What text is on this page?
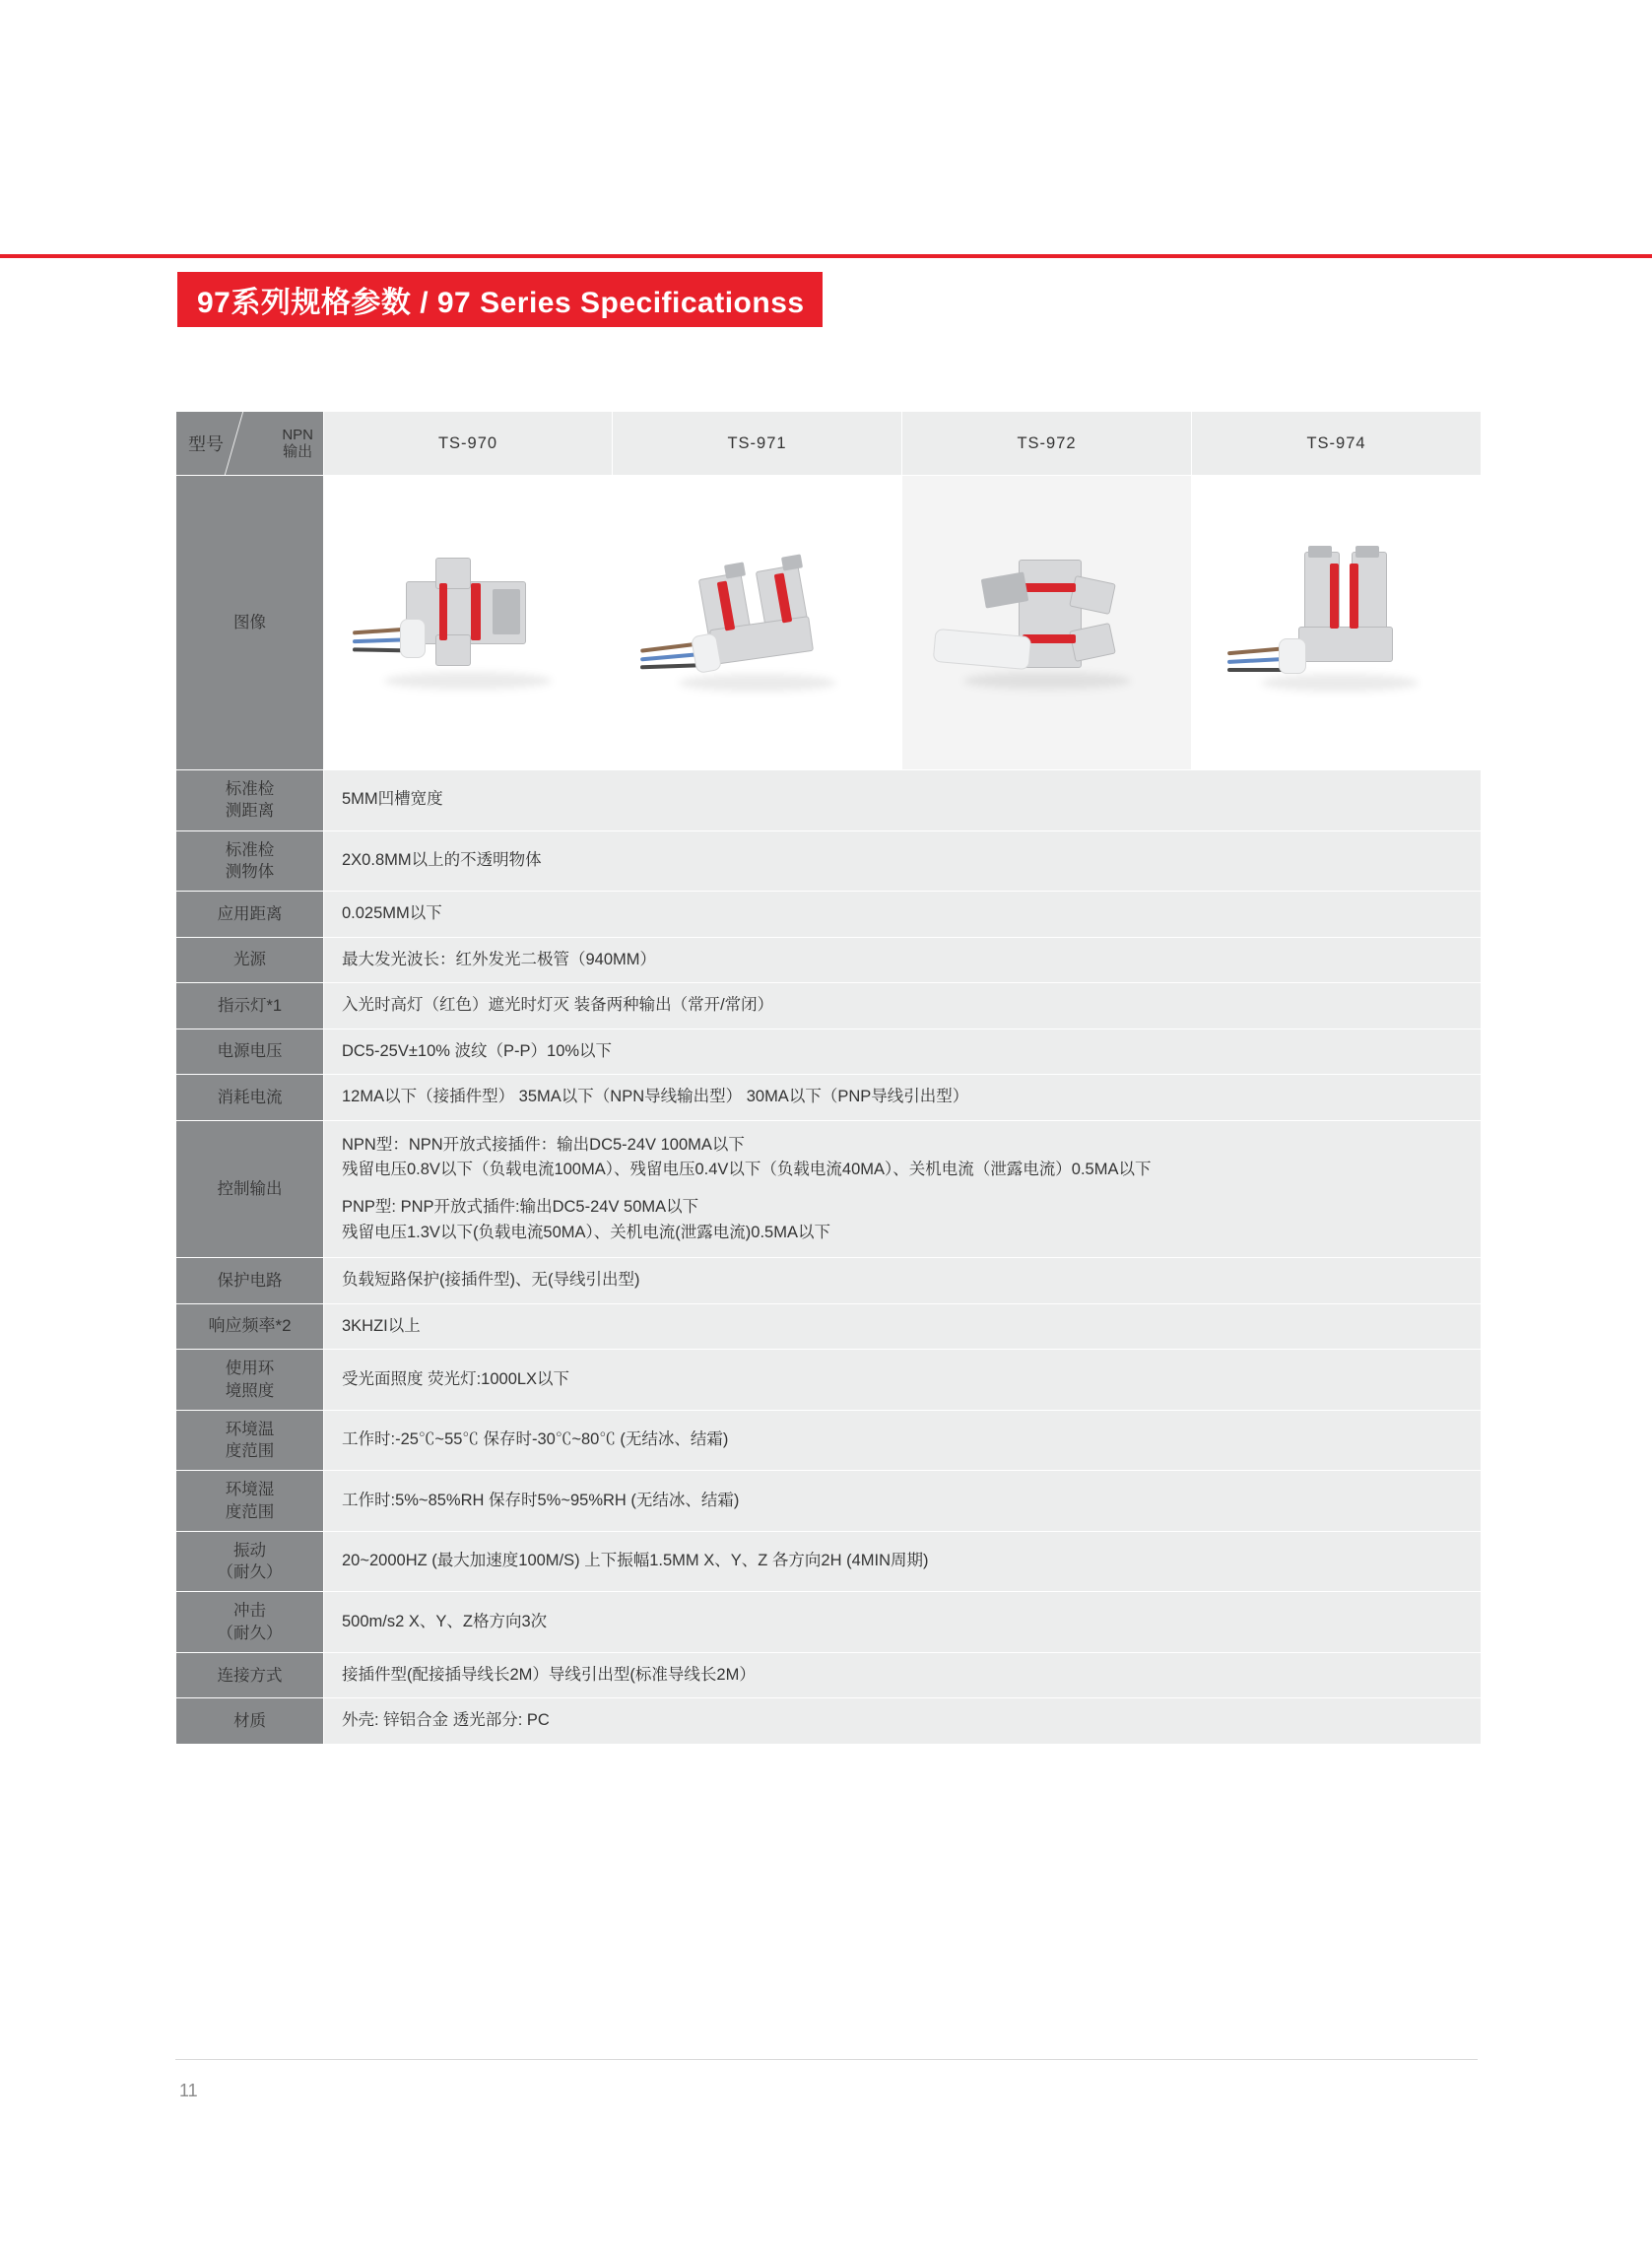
97系列规格参数 / 97 Series Specificationss
型号 NPN
输出	TS-970	TS-971	TS-972	TS-974
图像	

标准检
测距离	5MM凹槽宽度			
标准检
测物体	2X0.8MM以上的不透明物体			
应用距离	0.025MM以下			
光源	最大发光波长：红外发光二极管（940MM）			
指示灯*1	入光时高灯（红色）遮光时灯灭 装备两种输出（常开/常闭）			
电源电压	DC5-25V±10% 波纹（P-P）10%以下			
消耗电流	12MA以下（接插件型） 35MA以下（NPN导线输出型） 30MA以下（PNP导线引出型）			
控制输出	NPN型：NPN开放式接插件：输出DC5-24V 100MA以下
残留电压0.8V以下（负载电流100MA）、残留电压0.4V以下（负载电流40MA）、关机电流（泄露电流）0.5MA以下
PNP型: PNP开放式插件:输出DC5-24V 50MA以下
残留电压1.3V以下(负载电流50MA）、关机电流(泄露电流)0.5MA以下			

保护电路	负载短路保护(接插件型)、无(导线引出型)			
响应频率*2	3KHZI以上			
使用环
境照度	受光面照度 荧光灯:1000LX以下			
环境温
度范围	工作时:-25℃~55℃ 保存时-30℃~80℃ (无结冰、结霜)			
环境湿
度范围	工作时:5%~85%RH 保存时5%~95%RH (无结冰、结霜)			
振动
（耐久）	20~2000HZ (最大加速度100M/S) 上下振幅1.5MM X、Y、Z 各方向2H (4MIN周期)			
冲击
（耐久）	500m/s2 X、Y、Z格方向3次			
连接方式	接插件型(配接插导线长2M）导线引出型(标准导线长2M）			
材质	外壳: 锌铝合金 透光部分: PC			
11
